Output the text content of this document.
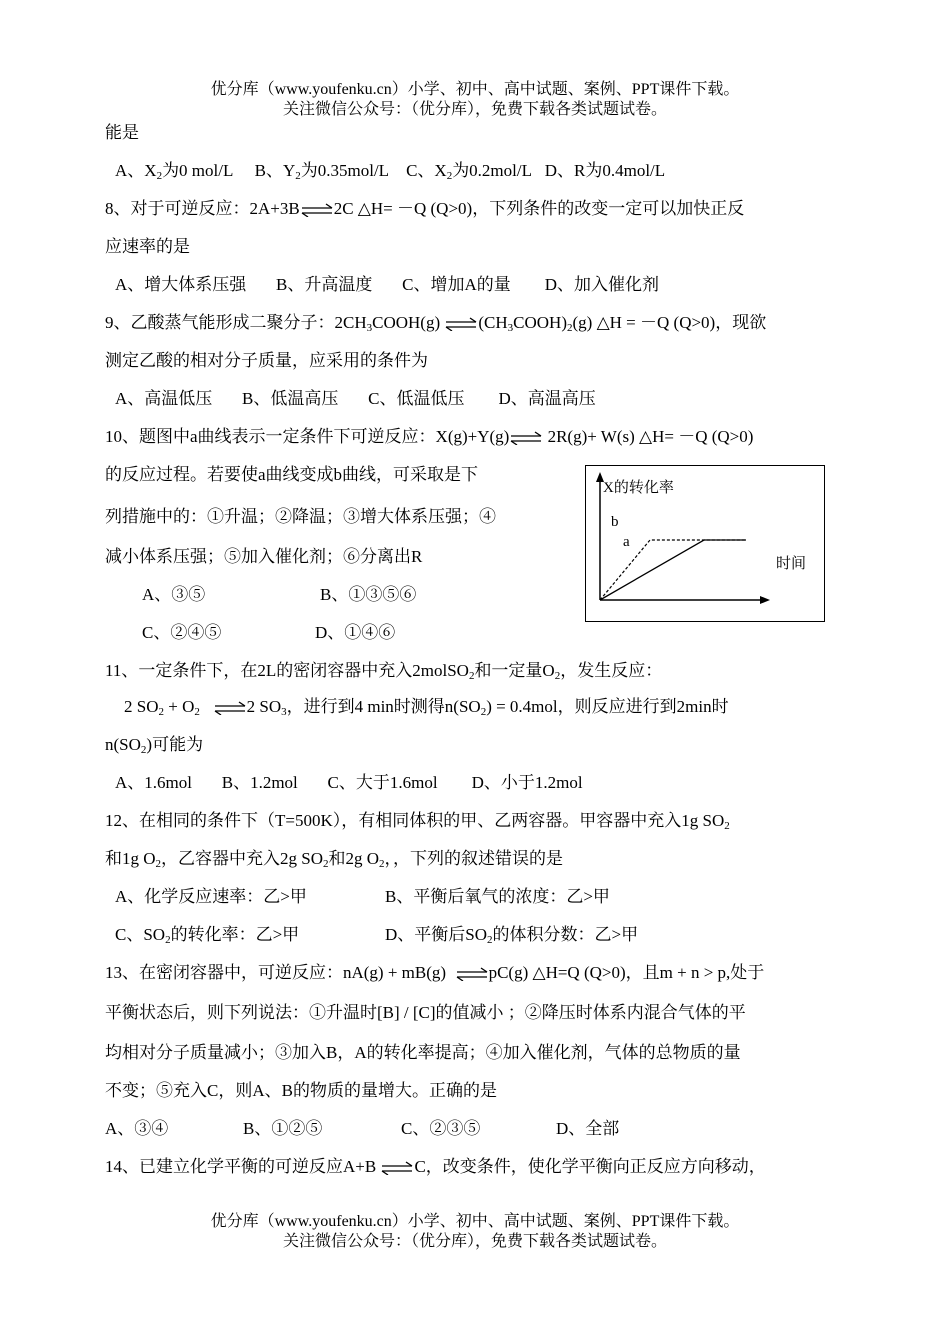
优分库（www.youfenku.cn）小学、初中、高中试题、案例、PPT课件下载。
关注微信公众号：（优分库），免费下载各类试题试卷。
能是
A、$X_2$为0 mol/L B、$Y_2$为0.35mol/L C、$X_2$为0.2mol/L D、R为0.4mol/L
8、对于可逆反应：2A+3B⇌2C △H= －Q (Q>0)，下列条件的改变一定可以加快正反
应速率的是
A、增大体系压强 B、升高温度 C、增加A的量 D、加入催化剂
9、乙酸蒸气能形成二聚分子：$2CH_3COOH(g)$ $\rightleftharpoons(CH_3COOH)_2(g)$ △H = －Q (Q>0)，现欲
测定乙酸的相对分子质量，应采用的条件为
A、高温低压 B、低温高压 C、低温低压 D、高温高压
10、题图中a曲线表示一定条件下可逆反应：X(g)+Y(g)⇌ 2R(g)+ W(s) △H= －Q (Q>0)
的反应过程。若要使a曲线变成b曲线，可采取是下
列措施中的：①升温；②降温；③增大体系压强；④
减小体系压强；⑤加入催化剂；⑥分离出R
A、③⑤	B、①③⑤⑥
C、②④⑤	D、①④⑥
X的转化率
b
a
时间
11、一定条件下，在2L的密闭容器中充入2molSO$_2$和一定量$O_2$，发生反应：
2 $SO_2 + O_2$ ⇌2 $SO_3$，进行到4 min时测得$n(SO_2) = 0.4mol$，则反应进行到2min时
$n(SO_2)$可能为
A、1.6mol B、1.2mol C、大于1.6mol D、小于1.2mol
12、在相同的条件下（T=500K），有相同体积的甲、乙两容器。甲容器中充入1g $SO_2$
和1g $O_2$，乙容器中充入2g $SO_2$和2g $O_2$，，下列的叙述错误的是
A、化学反应速率：乙>甲	B、平衡后氧气的浓度：乙>甲
C、$SO_2$的转化率：乙>甲	D、平衡后$SO_2$的体积分数：乙>甲
13、在密闭容器中，可逆反应：nA(g) + mB(g) ⇌pC(g) △H=Q (Q>0)，且m + n > p,处于
平衡状态后，则下列说法：①升温时[B] / [C]的值减小 ；②降压时体系内混合气体的平
均相对分子质量减小；③加入B，A的转化率提高；④加入催化剂，气体的总物质的量
不变；⑤充入C，则A、B的物质的量增大。正确的是
A、③④	B、①②⑤	C、②③⑤	D、全部
14、已建立化学平衡的可逆反应A+B ⇌C，改变条件，使化学平衡向正反应方向移动，
优分库（www.youfenku.cn）小学、初中、高中试题、案例、PPT课件下载。
关注微信公众号：（优分库），免费下载各类试题试卷。
